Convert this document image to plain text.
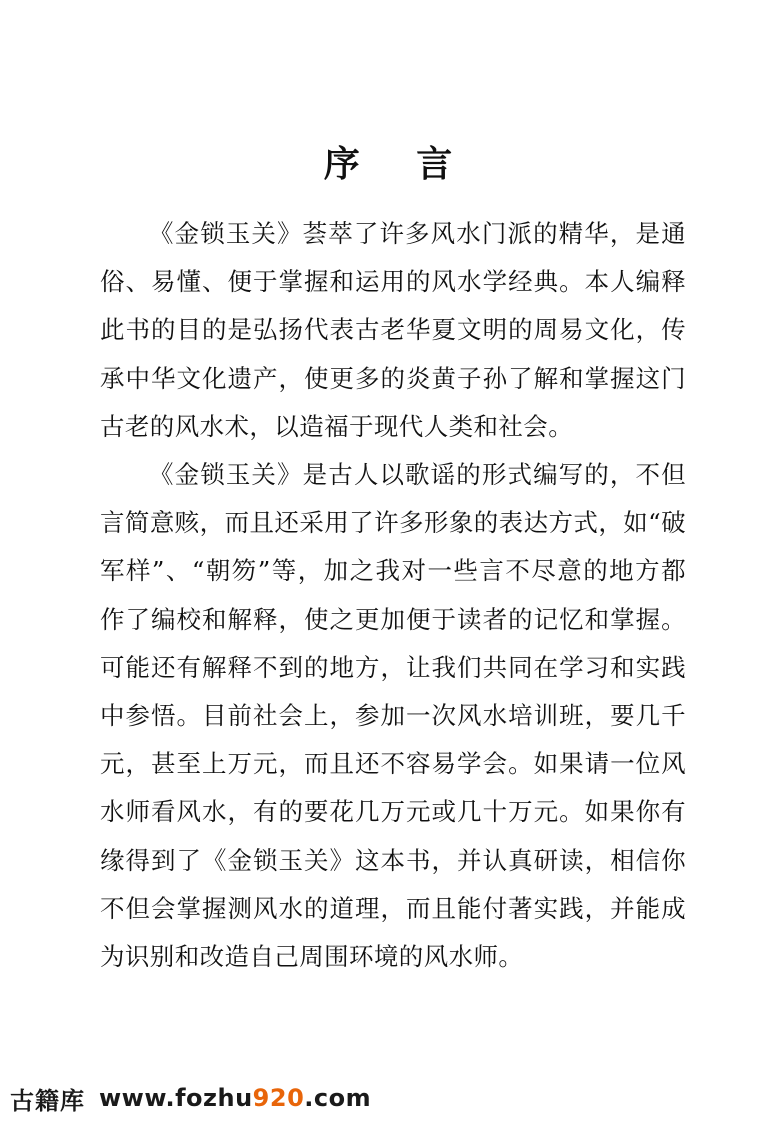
序 言

《金锁玉关》荟萃了许多风水门派的精华，是通俗、易懂、便于掌握和运用的风水学经典。本人编释此书的目的是弘扬代表古老华夏文明的周易文化，传承中华文化遗产，使更多的炎黄子孙了解和掌握这门古老的风水术，以造福于现代人类和社会。

《金锁玉关》是古人以歌谣的形式编写的，不但言简意赅，而且还采用了许多形象的表达方式，如“破军样”、“朝笏”等，加之我对一些言不尽意的地方都作了编校和解释，使之更加便于读者的记忆和掌握。可能还有解释不到的地方，让我们共同在学习和实践中参悟。目前社会上，参加一次风水培训班，要几千元，甚至上万元，而且还不容易学会。如果请一位风水师看风水，有的要花几万元或几十万元。如果你有缘得到了《金锁玉关》这本书，并认真研读，相信你不但会掌握测风水的道理，而且能付著实践，并能成为识别和改造自己周围环境的风水师。

古籍库 www.fozhu920.com
